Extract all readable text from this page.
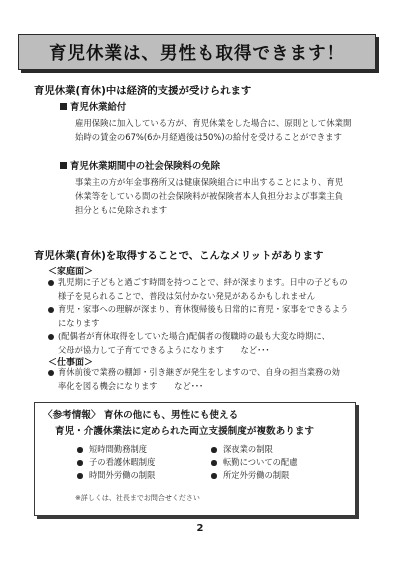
育児休業は、男性も取得できます！
育児休業(育休)中は経済的支援が受けられます
育児休業給付

雇用保険に加入している方が、育児休業をした場合に、原則として休業開

始時の賃金の67%(6か月経過後は50%)の給付を受けることができます

育児休業期間中の社会保険料の免除

事業主の方が年金事務所又は健康保険組合に申出することにより、育児

休業等をしている間の社会保険料が被保険者本人負担分および事業主負

担分ともに免除されます

育児休業(育休)を取得することで、こんなメリットがあります
＜家庭面＞
乳児期に子どもと過ごす時間を持つことで、絆が深まります。日中の子どもの
様子を見られることで、普段は気付かない発見があるかもしれません
育児・家事への理解が深まり、育休復帰後も日常的に育児・家事をできるよう
になります
(配偶者が育休取得をしていた場合)配偶者の復職時の最も大変な時期に、
父母が協力して子育てできるようになります　　など･･･
＜仕事面＞
育休前後で業務の棚卸・引き継ぎが発生をしますので、自身の担当業務の効
率化を図る機会になります　　など･･･
〈参考情報〉 育休の他にも、男性にも使える
育児・介護休業法に定められた両立支援制度が複数あります
短時間勤務制度
子の看護休暇制度
時間外労働の制限
深夜業の制限
転勤についての配慮
所定外労働の制限
※詳しくは、社長までお問合せください
2
